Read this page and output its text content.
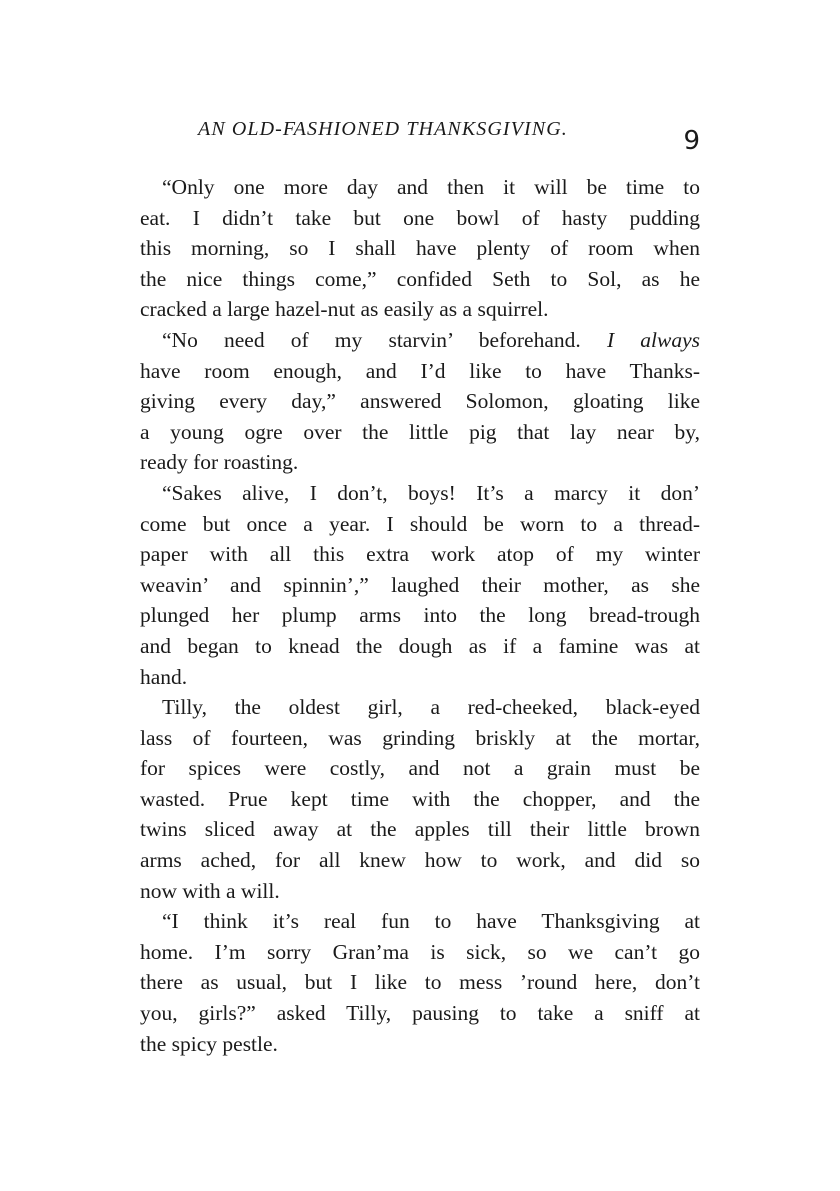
AN OLD-FASHIONED THANKSGIVING.	9
“Only one more day and then it will be time to
eat. I didn’t take but one bowl of hasty pudding
this morning, so I shall have plenty of room when
the nice things come,” confided Seth to Sol, as he
cracked a large hazel-nut as easily as a squirrel.
“No need of my starvin’ beforehand. I always
have room enough, and I’d like to have Thanks-
giving every day,” answered Solomon, gloating like
a young ogre over the little pig that lay near by,
ready for roasting.
“Sakes alive, I don’t, boys! It’s a marcy it don’
come but once a year. I should be worn to a thread-
paper with all this extra work atop of my winter
weavin’ and spinnin’,” laughed their mother, as she
plunged her plump arms into the long bread-trough
and began to knead the dough as if a famine was at
hand.
Tilly, the oldest girl, a red-cheeked, black-eyed
lass of fourteen, was grinding briskly at the mortar,
for spices were costly, and not a grain must be
wasted. Prue kept time with the chopper, and the
twins sliced away at the apples till their little brown
arms ached, for all knew how to work, and did so
now with a will.
“I think it’s real fun to have Thanksgiving at
home. I’m sorry Gran’ma is sick, so we can’t go
there as usual, but I like to mess ’round here, don’t
you, girls?” asked Tilly, pausing to take a sniff at
the spicy pestle.
